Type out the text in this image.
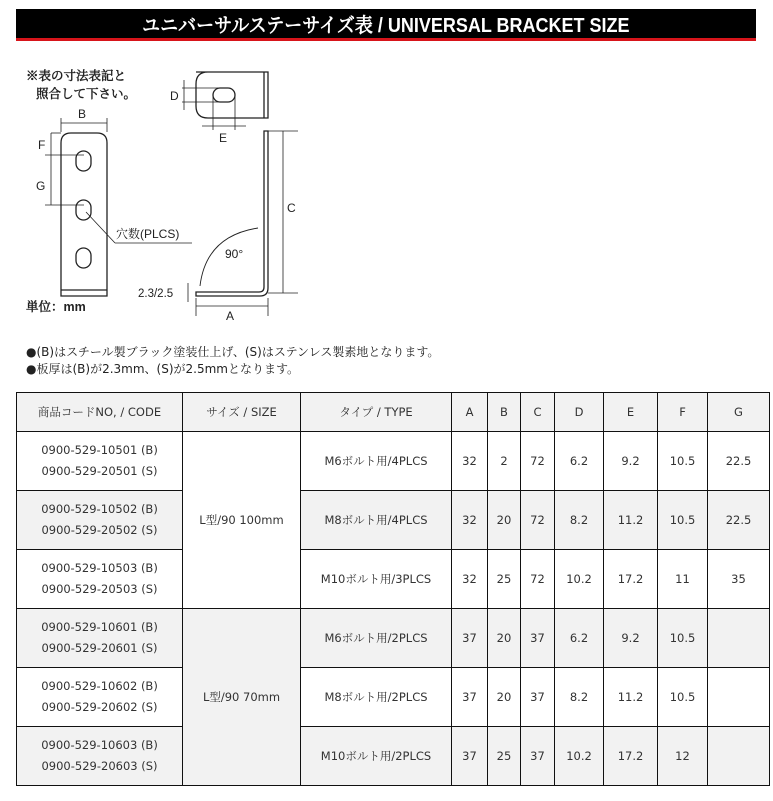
ユニバーサルステーサイズ表 / UNIVERSAL BRACKET SIZE
※表の寸法表記と
照合して下さい。
B
F
G
穴数(PLCS)
単位：mm
D
E
C
90°
2.3/2.5
A
●(B)はスチール製ブラック塗装仕上げ、(S)はステンレス製素地となります。
●板厚は(B)が2.3mm、(S)が2.5mmとなります。
商品コードNO, / CODE	サイズ / SIZE	タイプ / TYPE	A	B	C	D	E	F	G

0900-529-10501 (B)
0900-529-20501 (S)	L型/90 100mm	M6ボルト用/4PLCS	32	2	72	6.2	9.2	10.5	22.5

0900-529-10502 (B)
0900-529-20502 (S)		M8ボルト用/4PLCS	32	20	72	8.2	11.2	10.5	22.5

0900-529-10503 (B)
0900-529-20503 (S)		M10ボルト用/3PLCS	32	25	72	10.2	17.2	11	35

0900-529-10601 (B)
0900-529-20601 (S)	L型/90 70mm	M6ボルト用/2PLCS	37	20	37	6.2	9.2	10.5	

0900-529-10602 (B)
0900-529-20602 (S)		M8ボルト用/2PLCS	37	20	37	8.2	11.2	10.5	

0900-529-10603 (B)
0900-529-20603 (S)		M10ボルト用/2PLCS	37	25	37	10.2	17.2	12	
